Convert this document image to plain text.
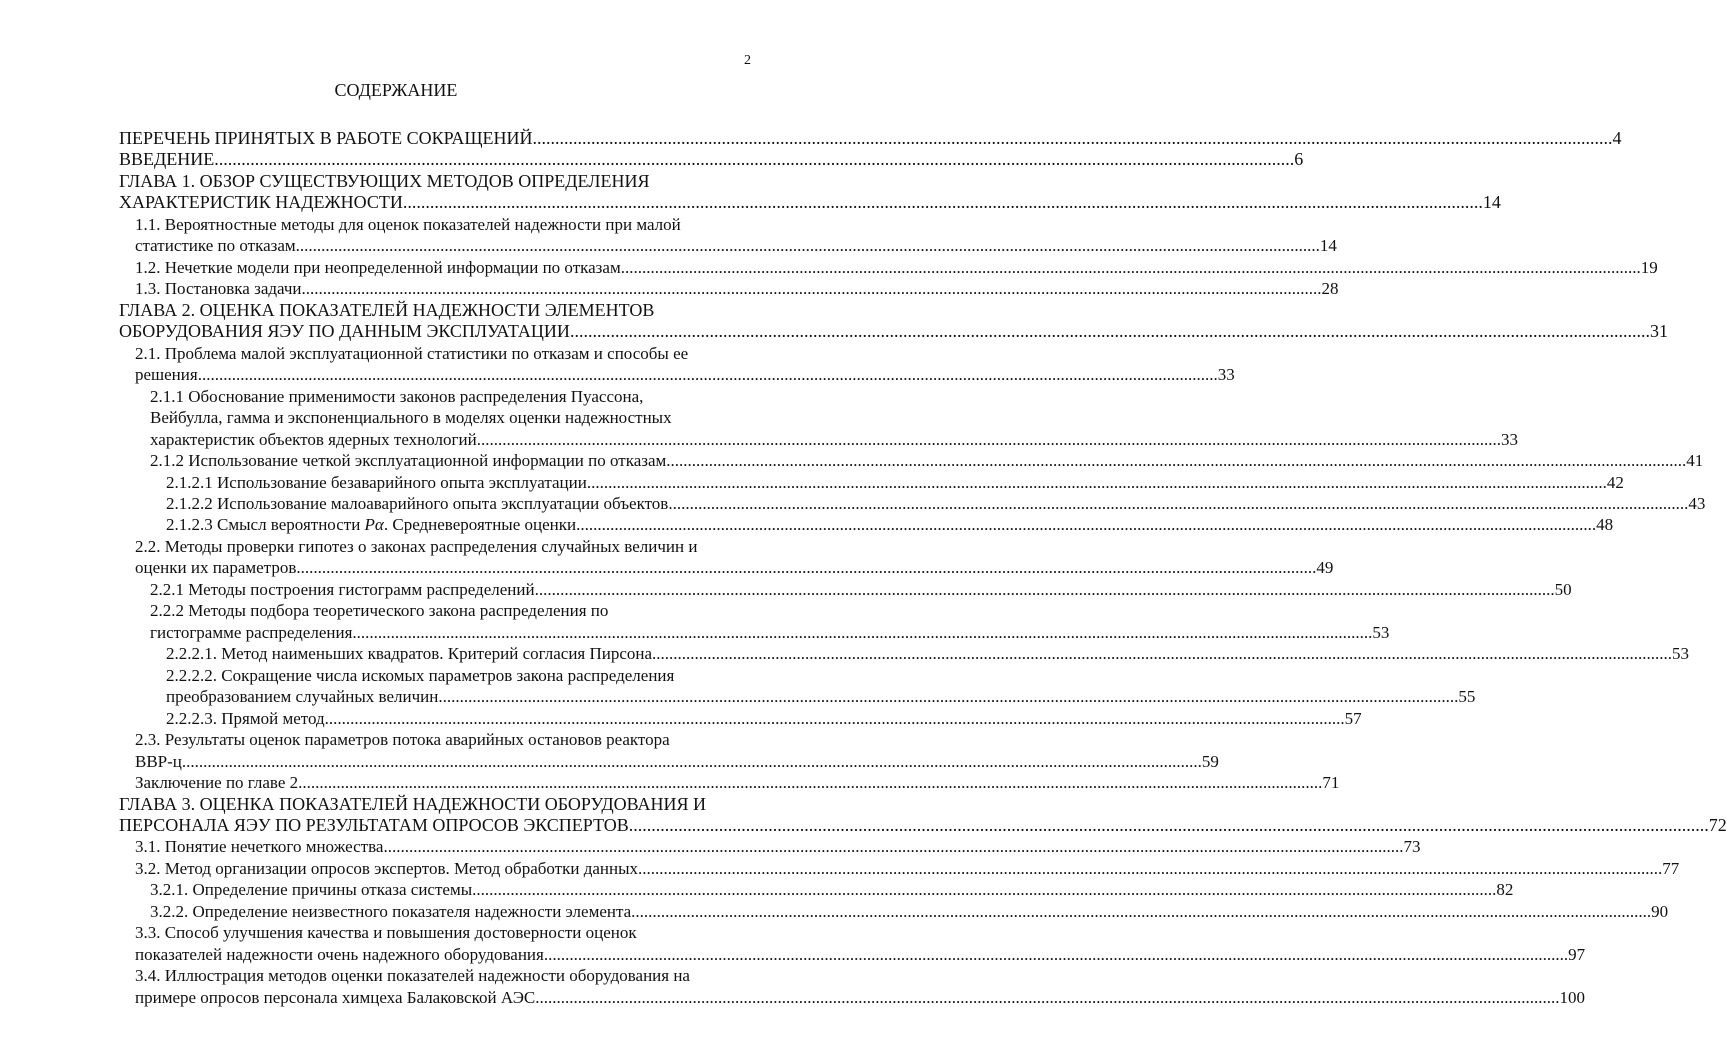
2
СОДЕРЖАНИЕ
ПЕРЕЧЕНЬ ПРИНЯТЫХ В РАБОТЕ СОКРАЩЕНИЙ .....	4
ВВЕДЕНИЕ .....	6
ГЛАВА 1. ОБЗОР СУЩЕСТВУЮЩИХ МЕТОДОВ ОПРЕДЕЛЕНИЯ
ХАРАКТЕРИСТИК НАДЕЖНОСТИ .....	14
1.1. Вероятностные методы для оценок показателей надежности при малой
статистике по отказам. .....	14
1.2. Нечеткие модели при неопределенной информации по отказам .....	19
1.3. Постановка задачи .....	28
ГЛАВА 2. ОЦЕНКА ПОКАЗАТЕЛЕЙ НАДЕЖНОСТИ ЭЛЕМЕНТОВ
ОБОРУДОВАНИЯ ЯЭУ ПО ДАННЫМ ЭКСПЛУАТАЦИИ .....	31
2.1. Проблема малой эксплуатационной статистики по отказам и способы ее
решения .....	33
2.1.1 Обоснование применимости законов распределения Пуассона,
Вейбулла, гамма и экспоненциального в моделях оценки надежностных
характеристик объектов ядерных технологий. .....	33
2.1.2 Использование четкой эксплуатационной информации по отказам .....	41
2.1.2.1 Использование безаварийного опыта эксплуатации .....	42
2.1.2.2 Использование малоаварийного опыта эксплуатации объектов .....	43
2.1.2.3 Смысл вероятности Pα. Средневероятные оценки .....	48
2.2. Методы проверки гипотез о законах распределения случайных величин и
оценки их параметров .....	49
2.2.1 Методы построения гистограмм распределений .....	50
2.2.2 Методы подбора теоретического закона распределения по
гистограмме распределения .....	53
2.2.2.1. Метод наименьших квадратов. Критерий согласия Пирсона .....	53
2.2.2.2. Сокращение числа искомых параметров закона распределения
преобразованием случайных величин .....	55
2.2.2.3. Прямой метод .....	57
2.3. Результаты оценок параметров потока аварийных остановов реактора
ВВР-ц .....	59
Заключение по главе 2. .....	71
ГЛАВА 3. ОЦЕНКА ПОКАЗАТЕЛЕЙ НАДЕЖНОСТИ ОБОРУДОВАНИЯ И
ПЕРСОНАЛА ЯЭУ ПО РЕЗУЛЬТАТАМ ОПРОСОВ ЭКСПЕРТОВ .....	72
3.1. Понятие нечеткого множества .....	73
3.2. Метод организации опросов экспертов. Метод обработки данных. .....	77
3.2.1. Определение причины отказа системы. .....	82
3.2.2. Определение неизвестного показателя надежности элемента .....	90
3.3. Способ улучшения качества и повышения достоверности оценок
показателей надежности очень надежного оборудования. .....	97
3.4. Иллюстрация методов оценки показателей надежности оборудования на
примере опросов персонала химцеха Балаковской АЭС. .....	100
